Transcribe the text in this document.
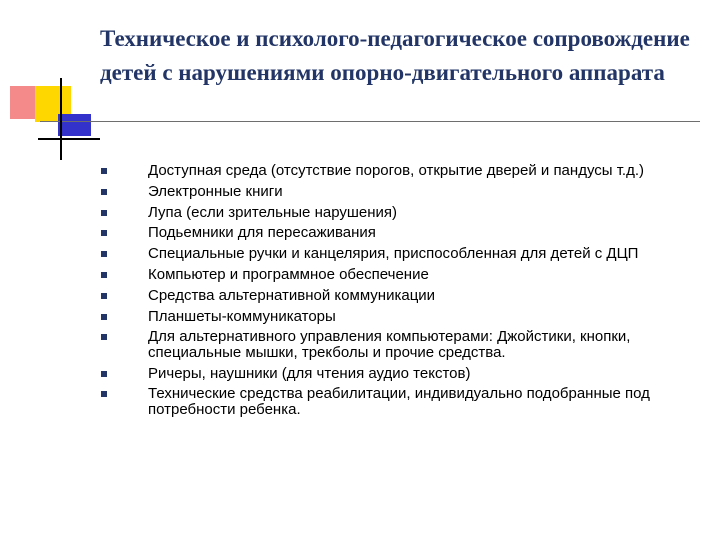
Техническое и психолого-педагогическое сопровождение детей с нарушениями опорно-двигательного аппарата
Доступная среда (отсутствие порогов, открытие дверей и пандусы т.д.)
Электронные книги
Лупа (если зрительные нарушения)
Подьемники для пересаживания
Специальные ручки и канцелярия, приспособленная для детей с ДЦП
Компьютер и программное обеспечение
Средства альтернативной коммуникации
Планшеты-коммуникаторы
Для альтернативного управления компьютерами: Джойстики, кнопки, специальные мышки, трекболы и прочие средства.
Ричеры, наушники (для чтения аудио текстов)
Технические средства реабилитации, индивидуально подобранные под потребности ребенка.
